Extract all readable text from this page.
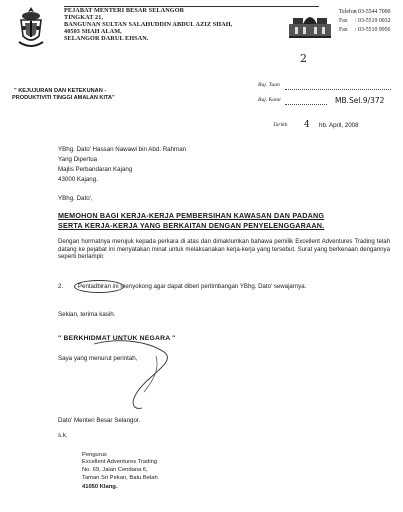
PEJABAT MENTERI BESAR SELANGOR
TINGKAT 21,
BANGUNAN SULTAN SALAHUDDIN ABDUL AZIZ SHAH,
40503 SHAH ALAM,
SELANGOR DARUL EHSAN.
Telefon
: 03-5544 7000
Fax : 03-5519 0032
Fax : 03-5510 9956
2
" KEJUJURAN DAN KETEKUNAN -
PRODUKTIVITI TINGGI AMALAN KITA"
Ruj. Tuan
Ruj. Kami	MB.Sel.9/372
Tarikh 4 hb. April, 2008
YBhg. Dato' Hassan Nawawi bin Abd. Rahman
Yang Dipertua
Majlis Perbandaran Kajang
43000 Kajang.
YBhg. Dato',
MEMOHON BAGI KERJA-KERJA PEMBERSIHAN KAWASAN DAN PADANG
SERTA KERJA-KERJA YANG BERKAITAN DENGAN PENYELENGGARAAN.
Dengan hormatnya merujuk kepada perkara di atas dan dimaklumkan bahawa pemilik Excellent Adventures Trading telah datang ke pejabat ini menyatakan minat untuk melaksanakan kerja-kerja yang tersebut. Surat yang berkenaan dengannya seperti berlampir.
2.	Pentadbiran ini menyokong agar dapat diberi pertimbangan YBhg. Dato' sewajarnya.
Sekian, terima kasih.
" BERKHIDMAT UNTUK NEGARA "
Saya yang menurut perintah,
Dato' Menteri Besar Selangor.
s.k.
Pengurus
Excellent Adventures Trading
No. 69, Jalan Cendana 6,
Taman Sri Pekan, Batu Belah
41050 Klang.
